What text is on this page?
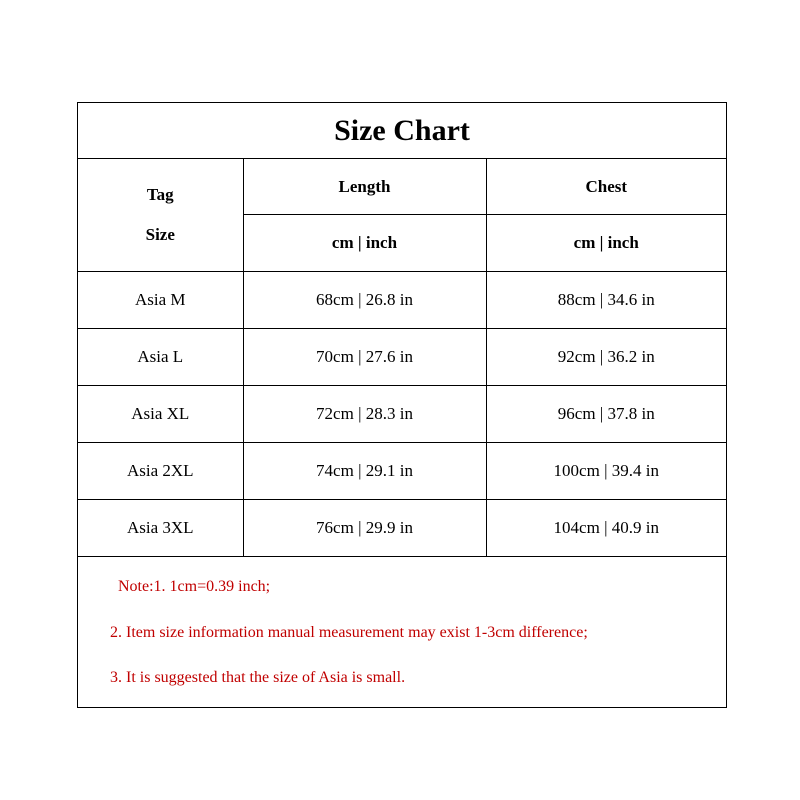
Size Chart
Tag
Size	Length	Chest
	cm | inch	cm | inch
Asia M	68cm | 26.8 in	88cm | 34.6 in
Asia L	70cm | 27.6 in	92cm | 36.2 in
Asia XL	72cm | 28.3 in	96cm | 37.8 in
Asia 2XL	74cm | 29.1 in	100cm | 39.4 in
Asia 3XL	76cm | 29.9 in	104cm | 40.9 in
Note:1. 1cm=0.39 inch;
2. Item size information manual measurement may exist 1-3cm difference;
3. It is suggested that the size of Asia is small.
